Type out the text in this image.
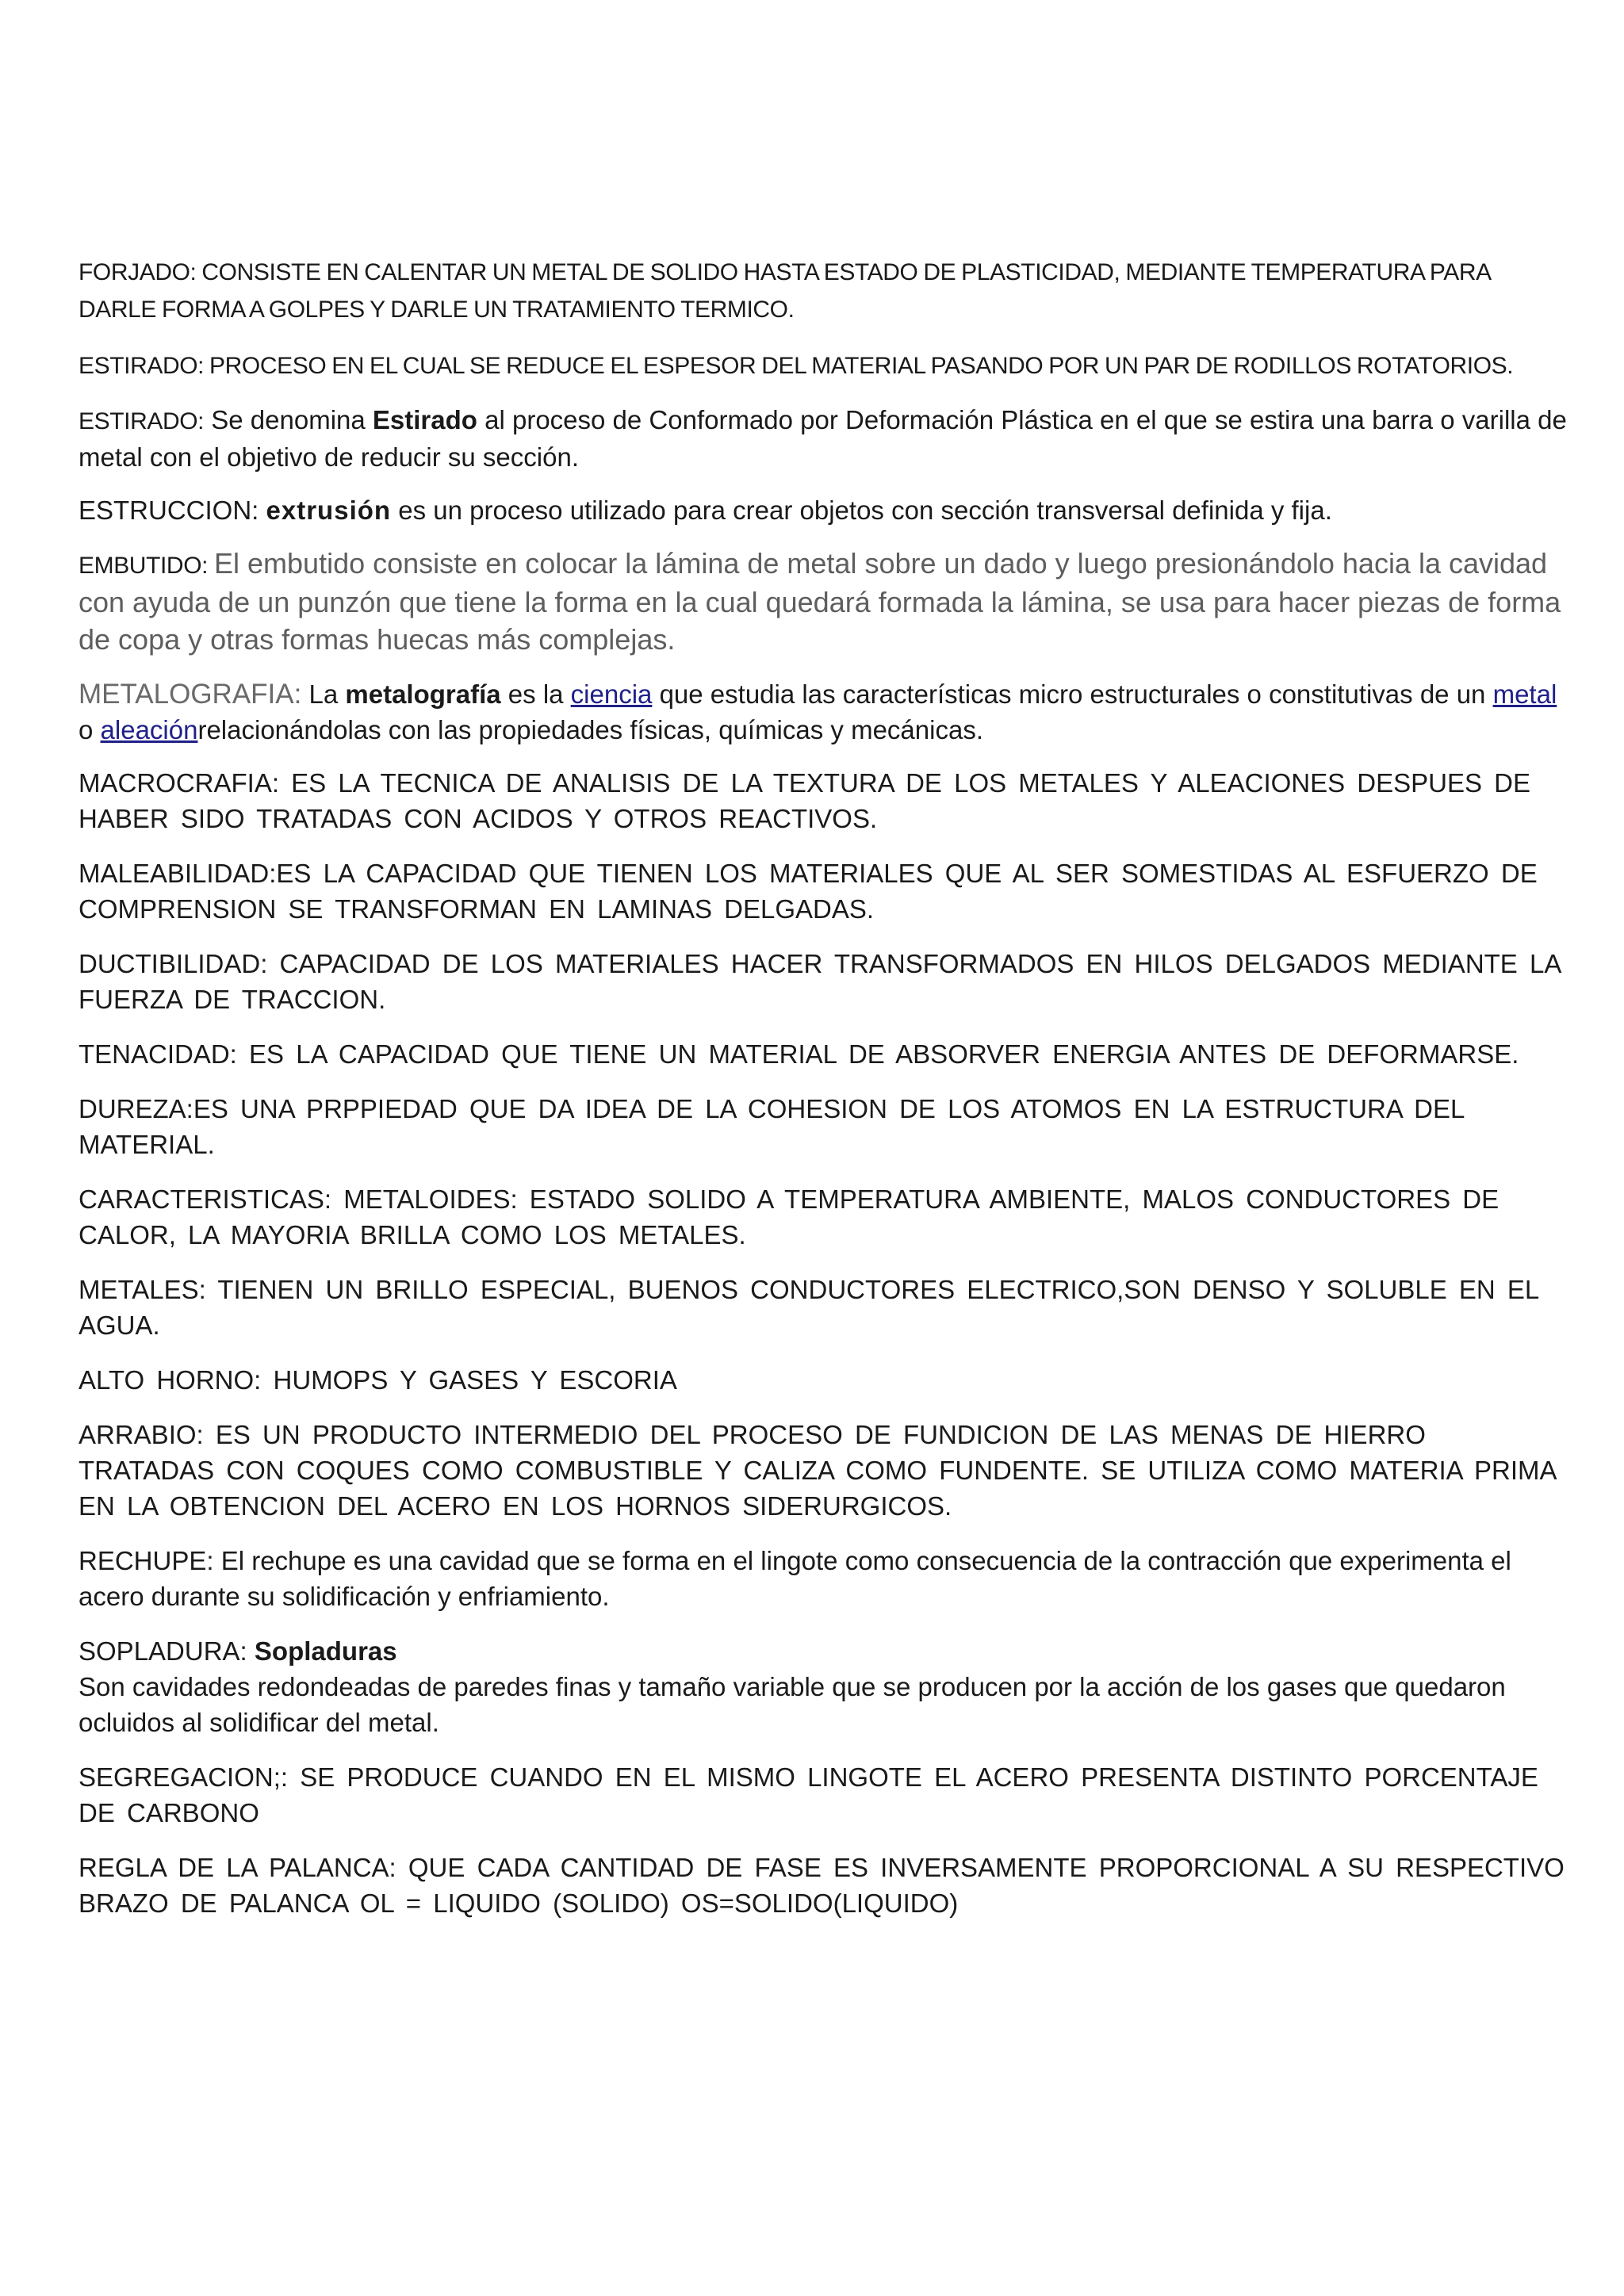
FORJADO: CONSISTE EN CALENTAR UN METAL DE SOLIDO HASTA ESTADO DE PLASTICIDAD, MEDIANTE TEMPERATURA PARA DARLE FORMA A GOLPES Y DARLE UN TRATAMIENTO TERMICO.

ESTIRADO: PROCESO EN EL CUAL SE REDUCE EL ESPESOR DEL MATERIAL PASANDO POR UN PAR DE RODILLOS ROTATORIOS.

ESTIRADO: Se denomina Estirado al proceso de Conformado por Deformación Plástica en el que se estira una barra o varilla de metal con el objetivo de reducir su sección.

ESTRUCCION: extrusión es un proceso utilizado para crear objetos con sección transversal definida y fija.

EMBUTIDO: El embutido consiste en colocar la lámina de metal sobre un dado y luego presionándolo hacia la cavidad con ayuda de un punzón que tiene la forma en la cual quedará formada la lámina, se usa para hacer piezas de forma de copa y otras formas huecas más complejas.

METALOGRAFIA: La metalografía es la ciencia que estudia las características micro estructurales o constitutivas de un metal o aleaciónrelacionándolas con las propiedades físicas, químicas y mecánicas.

MACROCRAFIA: ES LA TECNICA DE ANALISIS DE LA TEXTURA DE LOS METALES Y ALEACIONES DESPUES DE HABER SIDO TRATADAS CON ACIDOS Y OTROS REACTIVOS.

MALEABILIDAD:ES LA CAPACIDAD QUE TIENEN LOS MATERIALES QUE AL SER SOMESTIDAS AL ESFUERZO DE COMPRENSION SE TRANSFORMAN EN LAMINAS DELGADAS.

DUCTIBILIDAD: CAPACIDAD DE LOS MATERIALES HACER TRANSFORMADOS EN HILOS DELGADOS MEDIANTE LA FUERZA DE TRACCION.

TENACIDAD: ES LA CAPACIDAD QUE TIENE UN MATERIAL DE ABSORVER ENERGIA ANTES DE DEFORMARSE.

DUREZA:ES UNA PRPPIEDAD QUE DA IDEA DE LA COHESION DE LOS ATOMOS EN LA ESTRUCTURA DEL MATERIAL.

CARACTERISTICAS: METALOIDES: ESTADO SOLIDO A TEMPERATURA AMBIENTE, MALOS CONDUCTORES DE CALOR, LA MAYORIA BRILLA COMO LOS METALES.

METALES: TIENEN UN BRILLO ESPECIAL, BUENOS CONDUCTORES ELECTRICO,SON DENSO Y SOLUBLE EN EL AGUA.

ALTO HORNO: HUMOPS Y GASES Y ESCORIA

ARRABIO: ES UN PRODUCTO INTERMEDIO DEL PROCESO DE FUNDICION DE LAS MENAS DE HIERRO TRATADAS CON COQUES COMO COMBUSTIBLE Y CALIZA COMO FUNDENTE. SE UTILIZA COMO MATERIA PRIMA EN LA OBTENCION DEL ACERO EN LOS HORNOS SIDERURGICOS.

RECHUPE: El rechupe es una cavidad que se forma en el lingote como consecuencia de la contracción que experimenta el acero durante su solidificación y enfriamiento.

SOPLADURA: Sopladuras
Son cavidades redondeadas de paredes finas y tamaño variable que se producen por la acción de los gases que quedaron ocluidos al solidificar del metal.

SEGREGACION;: SE PRODUCE CUANDO EN EL MISMO LINGOTE EL ACERO PRESENTA DISTINTO PORCENTAJE DE CARBONO

REGLA DE LA PALANCA: QUE CADA CANTIDAD DE FASE ES INVERSAMENTE PROPORCIONAL A SU RESPECTIVO BRAZO DE PALANCA OL = LIQUIDO (SOLIDO) OS=SOLIDO(LIQUIDO)
